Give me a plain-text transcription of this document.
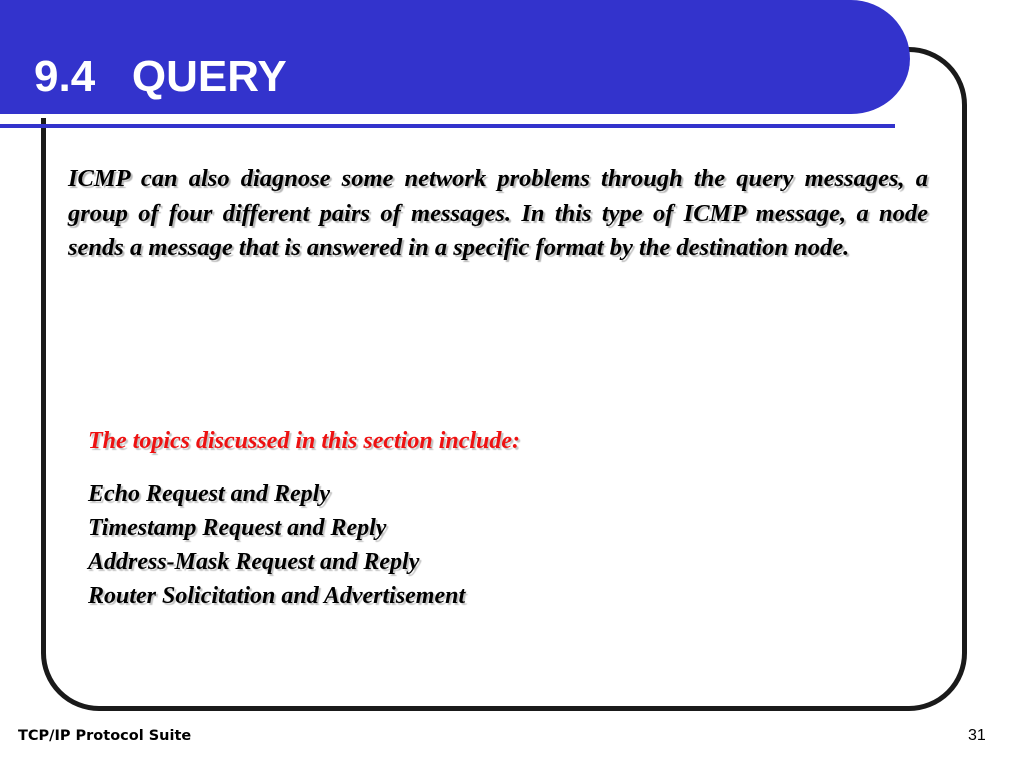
9.4   QUERY

ICMP can also diagnose some network problems through the query messages, a group of four different pairs of messages. In this type of ICMP message, a node sends a message that is answered in a specific format by the destination node.

The topics discussed in this section include:

Echo Request and Reply
Timestamp Request and Reply
Address-Mask Request and Reply
Router Solicitation and Advertisement

TCP/IP Protocol Suite	31
